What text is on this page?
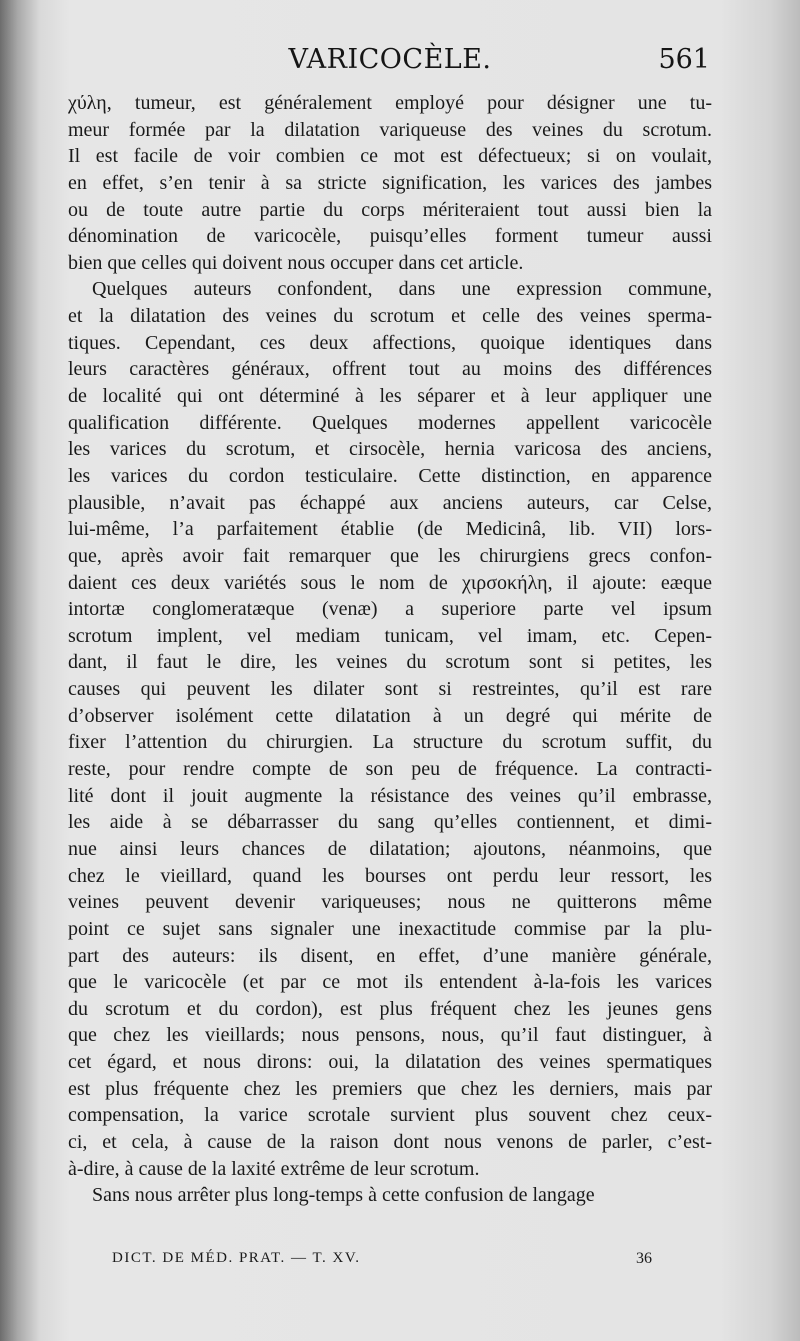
VARICOCÈLE.	561
χύλη, tumeur, est généralement employé pour désigner une tu-
meur formée par la dilatation variqueuse des veines du scrotum.
Il est facile de voir combien ce mot est défectueux; si on voulait,
en effet, s’en tenir à sa stricte signification, les varices des jambes
ou de toute autre partie du corps mériteraient tout aussi bien la
dénomination de varicocèle, puisqu’elles forment tumeur aussi
bien que celles qui doivent nous occuper dans cet article.
Quelques auteurs confondent, dans une expression commune,
et la dilatation des veines du scrotum et celle des veines sperma-
tiques. Cependant, ces deux affections, quoique identiques dans
leurs caractères généraux, offrent tout au moins des différences
de localité qui ont déterminé à les séparer et à leur appliquer une
qualification différente. Quelques modernes appellent varicocèle
les varices du scrotum, et cirsocèle, hernia varicosa des anciens,
les varices du cordon testiculaire. Cette distinction, en apparence
plausible, n’avait pas échappé aux anciens auteurs, car Celse,
lui-même, l’a parfaitement établie (de Medicinâ, lib. VII) lors-
que, après avoir fait remarquer que les chirurgiens grecs confon-
daient ces deux variétés sous le nom de χιρσοκήλη, il ajoute: eæque
intortæ conglomeratæque (venæ) a superiore parte vel ipsum
scrotum implent, vel mediam tunicam, vel imam, etc. Cepen-
dant, il faut le dire, les veines du scrotum sont si petites, les
causes qui peuvent les dilater sont si restreintes, qu’il est rare
d’observer isolément cette dilatation à un degré qui mérite de
fixer l’attention du chirurgien. La structure du scrotum suffit, du
reste, pour rendre compte de son peu de fréquence. La contracti-
lité dont il jouit augmente la résistance des veines qu’il embrasse,
les aide à se débarrasser du sang qu’elles contiennent, et dimi-
nue ainsi leurs chances de dilatation; ajoutons, néanmoins, que
chez le vieillard, quand les bourses ont perdu leur ressort, les
veines peuvent devenir variqueuses; nous ne quitterons même
point ce sujet sans signaler une inexactitude commise par la plu-
part des auteurs: ils disent, en effet, d’une manière générale,
que le varicocèle (et par ce mot ils entendent à-la-fois les varices
du scrotum et du cordon), est plus fréquent chez les jeunes gens
que chez les vieillards; nous pensons, nous, qu’il faut distinguer, à
cet égard, et nous dirons: oui, la dilatation des veines spermatiques
est plus fréquente chez les premiers que chez les derniers, mais par
compensation, la varice scrotale survient plus souvent chez ceux-
ci, et cela, à cause de la raison dont nous venons de parler, c’est-
à-dire, à cause de la laxité extrême de leur scrotum.
Sans nous arrêter plus long-temps à cette confusion de langage
DICT. DE MÉD. PRAT. — T. XV.	36
